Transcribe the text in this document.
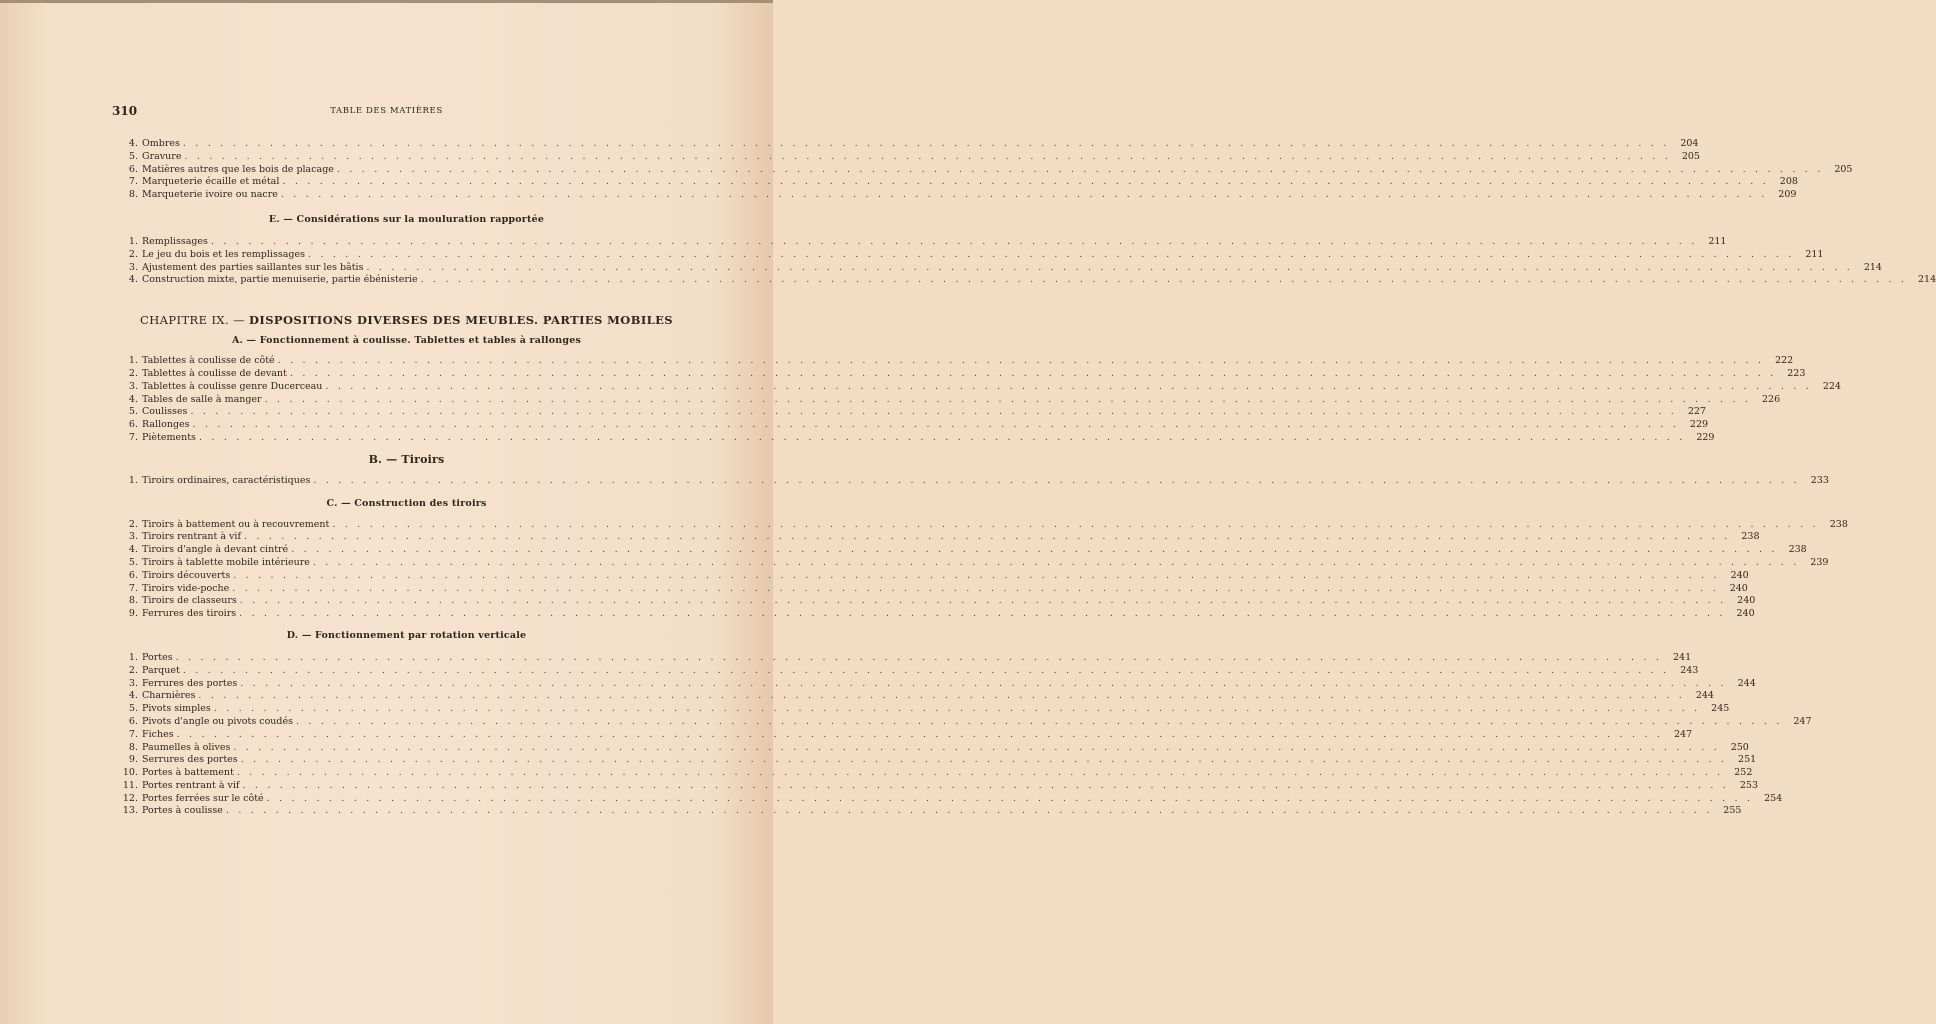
310	TABLE DES MATIÈRES
4. Ombres . . . . . . . . . . . . . . . . . . . . . . . . . . . . . . . . . . . . . . . . . . . . . . . . . . . . . . . . . . . . . . . . . . . . . . . . . . . . . . . . . . . . . . . . . . . . . . . . . . . . . . . . . . . . . . . . . . . . . . . .	204
5. Gravure . . . . . . . . . . . . . . . . . . . . . . . . . . . . . . . . . . . . . . . . . . . . . . . . . . . . . . . . . . . . . . . . . . . . . . . . . . . . . . . . . . . . . . . . . . . . . . . . . . . . . . . . . . . . . . . . . . . . . . . .	205
6. Matières autres que les bois de placage . . . . . . . . . . . . . . . . . . . . . . . . . . . . . . . . . . . . . . . . . . . . . . . . . . . . . . . . . . . . . . . . . . . . . . . . . . . . . . . . . . . . . . . . . . . . . . . . . . . . . . . . . . . . . . . . . . . . . . . .	205
7. Marqueterie écaille et métal . . . . . . . . . . . . . . . . . . . . . . . . . . . . . . . . . . . . . . . . . . . . . . . . . . . . . . . . . . . . . . . . . . . . . . . . . . . . . . . . . . . . . . . . . . . . . . . . . . . . . . . . . . . . . . . . . . . . . . . .	208
8. Marqueterie ivoire ou nacre . . . . . . . . . . . . . . . . . . . . . . . . . . . . . . . . . . . . . . . . . . . . . . . . . . . . . . . . . . . . . . . . . . . . . . . . . . . . . . . . . . . . . . . . . . . . . . . . . . . . . . . . . . . . . . . . . . . . . . . .	209
E. — Considérations sur la mouluration rapportée
1. Remplissages . . . . . . . . . . . . . . . . . . . . . . . . . . . . . . . . . . . . . . . . . . . . . . . . . . . . . . . . . . . . . . . . . . . . . . . . . . . . . . . . . . . . . . . . . . . . . . . . . . . . . . . . . . . . . . . . . . . . . . . .	211
2. Le jeu du bois et les remplissages . . . . . . . . . . . . . . . . . . . . . . . . . . . . . . . . . . . . . . . . . . . . . . . . . . . . . . . . . . . . . . . . . . . . . . . . . . . . . . . . . . . . . . . . . . . . . . . . . . . . . . . . . . . . . . . . . . . . . . . .	211
3. Ajustement des parties saillantes sur les bâtis . . . . . . . . . . . . . . . . . . . . . . . . . . . . . . . . . . . . . . . . . . . . . . . . . . . . . . . . . . . . . . . . . . . . . . . . . . . . . . . . . . . . . . . . . . . . . . . . . . . . . . . . . . . . . . . . . . . . . . . .	214
4. Construction mixte, partie menuiserie, partie ébénisterie . . . . . . . . . . . . . . . . . . . . . . . . . . . . . . . . . . . . . . . . . . . . . . . . . . . . . . . . . . . . . . . . . . . . . . . . . . . . . . . . . . . . . . . . . . . . . . . . . . . . . . . . . . . . . . . . . . . . . . . .	214
CHAPITRE IX. — DISPOSITIONS DIVERSES DES MEUBLES. PARTIES MOBILES
A. — Fonctionnement à coulisse. Tablettes et tables à rallonges
1. Tablettes à coulisse de côté . . . . . . . . . . . . . . . . . . . . . . . . . . . . . . . . . . . . . . . . . . . . . . . . . . . . . . . . . . . . . . . . . . . . . . . . . . . . . . . . . . . . . . . . . . . . . . . . . . . . . . . . . . . . . . . . . . . . . . . .	222
2. Tablettes à coulisse de devant . . . . . . . . . . . . . . . . . . . . . . . . . . . . . . . . . . . . . . . . . . . . . . . . . . . . . . . . . . . . . . . . . . . . . . . . . . . . . . . . . . . . . . . . . . . . . . . . . . . . . . . . . . . . . . . . . . . . . . . .	223
3. Tablettes à coulisse genre Ducerceau . . . . . . . . . . . . . . . . . . . . . . . . . . . . . . . . . . . . . . . . . . . . . . . . . . . . . . . . . . . . . . . . . . . . . . . . . . . . . . . . . . . . . . . . . . . . . . . . . . . . . . . . . . . . . . . . . . . . . . . .	224
4. Tables de salle à manger . . . . . . . . . . . . . . . . . . . . . . . . . . . . . . . . . . . . . . . . . . . . . . . . . . . . . . . . . . . . . . . . . . . . . . . . . . . . . . . . . . . . . . . . . . . . . . . . . . . . . . . . . . . . . . . . . . . . . . . .	226
5. Coulisses . . . . . . . . . . . . . . . . . . . . . . . . . . . . . . . . . . . . . . . . . . . . . . . . . . . . . . . . . . . . . . . . . . . . . . . . . . . . . . . . . . . . . . . . . . . . . . . . . . . . . . . . . . . . . . . . . . . . . . . .	227
6. Rallonges . . . . . . . . . . . . . . . . . . . . . . . . . . . . . . . . . . . . . . . . . . . . . . . . . . . . . . . . . . . . . . . . . . . . . . . . . . . . . . . . . . . . . . . . . . . . . . . . . . . . . . . . . . . . . . . . . . . . . . . .	229
7. Piètements . . . . . . . . . . . . . . . . . . . . . . . . . . . . . . . . . . . . . . . . . . . . . . . . . . . . . . . . . . . . . . . . . . . . . . . . . . . . . . . . . . . . . . . . . . . . . . . . . . . . . . . . . . . . . . . . . . . . . . . .	229
B. — Tiroirs
1. Tiroirs ordinaires, caractéristiques . . . . . . . . . . . . . . . . . . . . . . . . . . . . . . . . . . . . . . . . . . . . . . . . . . . . . . . . . . . . . . . . . . . . . . . . . . . . . . . . . . . . . . . . . . . . . . . . . . . . . . . . . . . . . . . . . . . . . . . .	233
C. — Construction des tiroirs
2. Tiroirs à battement ou à recouvrement . . . . . . . . . . . . . . . . . . . . . . . . . . . . . . . . . . . . . . . . . . . . . . . . . . . . . . . . . . . . . . . . . . . . . . . . . . . . . . . . . . . . . . . . . . . . . . . . . . . . . . . . . . . . . . . . . . . . . . . .	238
3. Tiroirs rentrant à vif . . . . . . . . . . . . . . . . . . . . . . . . . . . . . . . . . . . . . . . . . . . . . . . . . . . . . . . . . . . . . . . . . . . . . . . . . . . . . . . . . . . . . . . . . . . . . . . . . . . . . . . . . . . . . . . . . . . . . . . .	238
4. Tiroirs d'angle à devant cintré . . . . . . . . . . . . . . . . . . . . . . . . . . . . . . . . . . . . . . . . . . . . . . . . . . . . . . . . . . . . . . . . . . . . . . . . . . . . . . . . . . . . . . . . . . . . . . . . . . . . . . . . . . . . . . . . . . . . . . . .	238
5. Tiroirs à tablette mobile intérieure . . . . . . . . . . . . . . . . . . . . . . . . . . . . . . . . . . . . . . . . . . . . . . . . . . . . . . . . . . . . . . . . . . . . . . . . . . . . . . . . . . . . . . . . . . . . . . . . . . . . . . . . . . . . . . . . . . . . . . . .	239
6. Tiroirs découverts . . . . . . . . . . . . . . . . . . . . . . . . . . . . . . . . . . . . . . . . . . . . . . . . . . . . . . . . . . . . . . . . . . . . . . . . . . . . . . . . . . . . . . . . . . . . . . . . . . . . . . . . . . . . . . . . . . . . . . . .	240
7. Tiroirs vide-poche . . . . . . . . . . . . . . . . . . . . . . . . . . . . . . . . . . . . . . . . . . . . . . . . . . . . . . . . . . . . . . . . . . . . . . . . . . . . . . . . . . . . . . . . . . . . . . . . . . . . . . . . . . . . . . . . . . . . . . . .	240
8. Tiroirs de classeurs . . . . . . . . . . . . . . . . . . . . . . . . . . . . . . . . . . . . . . . . . . . . . . . . . . . . . . . . . . . . . . . . . . . . . . . . . . . . . . . . . . . . . . . . . . . . . . . . . . . . . . . . . . . . . . . . . . . . . . . .	240
9. Ferrures des tiroirs . . . . . . . . . . . . . . . . . . . . . . . . . . . . . . . . . . . . . . . . . . . . . . . . . . . . . . . . . . . . . . . . . . . . . . . . . . . . . . . . . . . . . . . . . . . . . . . . . . . . . . . . . . . . . . . . . . . . . . . .	240
D. — Fonctionnement par rotation verticale
1. Portes . . . . . . . . . . . . . . . . . . . . . . . . . . . . . . . . . . . . . . . . . . . . . . . . . . . . . . . . . . . . . . . . . . . . . . . . . . . . . . . . . . . . . . . . . . . . . . . . . . . . . . . . . . . . . . . . . . . . . . . .	241
2. Parquet . . . . . . . . . . . . . . . . . . . . . . . . . . . . . . . . . . . . . . . . . . . . . . . . . . . . . . . . . . . . . . . . . . . . . . . . . . . . . . . . . . . . . . . . . . . . . . . . . . . . . . . . . . . . . . . . . . . . . . . .	243
3. Ferrures des portes . . . . . . . . . . . . . . . . . . . . . . . . . . . . . . . . . . . . . . . . . . . . . . . . . . . . . . . . . . . . . . . . . . . . . . . . . . . . . . . . . . . . . . . . . . . . . . . . . . . . . . . . . . . . . . . . . . . . . . . .	244
4. Charnières . . . . . . . . . . . . . . . . . . . . . . . . . . . . . . . . . . . . . . . . . . . . . . . . . . . . . . . . . . . . . . . . . . . . . . . . . . . . . . . . . . . . . . . . . . . . . . . . . . . . . . . . . . . . . . . . . . . . . . . .	244
5. Pivots simples . . . . . . . . . . . . . . . . . . . . . . . . . . . . . . . . . . . . . . . . . . . . . . . . . . . . . . . . . . . . . . . . . . . . . . . . . . . . . . . . . . . . . . . . . . . . . . . . . . . . . . . . . . . . . . . . . . . . . . . .	245
6. Pivots d'angle ou pivots coudés . . . . . . . . . . . . . . . . . . . . . . . . . . . . . . . . . . . . . . . . . . . . . . . . . . . . . . . . . . . . . . . . . . . . . . . . . . . . . . . . . . . . . . . . . . . . . . . . . . . . . . . . . . . . . . . . . . . . . . . .	247
7. Fiches . . . . . . . . . . . . . . . . . . . . . . . . . . . . . . . . . . . . . . . . . . . . . . . . . . . . . . . . . . . . . . . . . . . . . . . . . . . . . . . . . . . . . . . . . . . . . . . . . . . . . . . . . . . . . . . . . . . . . . . .	247
8. Paumelles à olives . . . . . . . . . . . . . . . . . . . . . . . . . . . . . . . . . . . . . . . . . . . . . . . . . . . . . . . . . . . . . . . . . . . . . . . . . . . . . . . . . . . . . . . . . . . . . . . . . . . . . . . . . . . . . . . . . . . . . . . .	250
9. Serrures des portes . . . . . . . . . . . . . . . . . . . . . . . . . . . . . . . . . . . . . . . . . . . . . . . . . . . . . . . . . . . . . . . . . . . . . . . . . . . . . . . . . . . . . . . . . . . . . . . . . . . . . . . . . . . . . . . . . . . . . . . .	251
10. Portes à battement . . . . . . . . . . . . . . . . . . . . . . . . . . . . . . . . . . . . . . . . . . . . . . . . . . . . . . . . . . . . . . . . . . . . . . . . . . . . . . . . . . . . . . . . . . . . . . . . . . . . . . . . . . . . . . . . . . . . . . . .	252
11. Portes rentrant à vif . . . . . . . . . . . . . . . . . . . . . . . . . . . . . . . . . . . . . . . . . . . . . . . . . . . . . . . . . . . . . . . . . . . . . . . . . . . . . . . . . . . . . . . . . . . . . . . . . . . . . . . . . . . . . . . . . . . . . . . .	253
12. Portes ferrées sur le côté . . . . . . . . . . . . . . . . . . . . . . . . . . . . . . . . . . . . . . . . . . . . . . . . . . . . . . . . . . . . . . . . . . . . . . . . . . . . . . . . . . . . . . . . . . . . . . . . . . . . . . . . . . . . . . . . . . . . . . . .	254
13. Portes à coulisse . . . . . . . . . . . . . . . . . . . . . . . . . . . . . . . . . . . . . . . . . . . . . . . . . . . . . . . . . . . . . . . . . . . . . . . . . . . . . . . . . . . . . . . . . . . . . . . . . . . . . . . . . . . . . . . . . . . . . . . .	255
